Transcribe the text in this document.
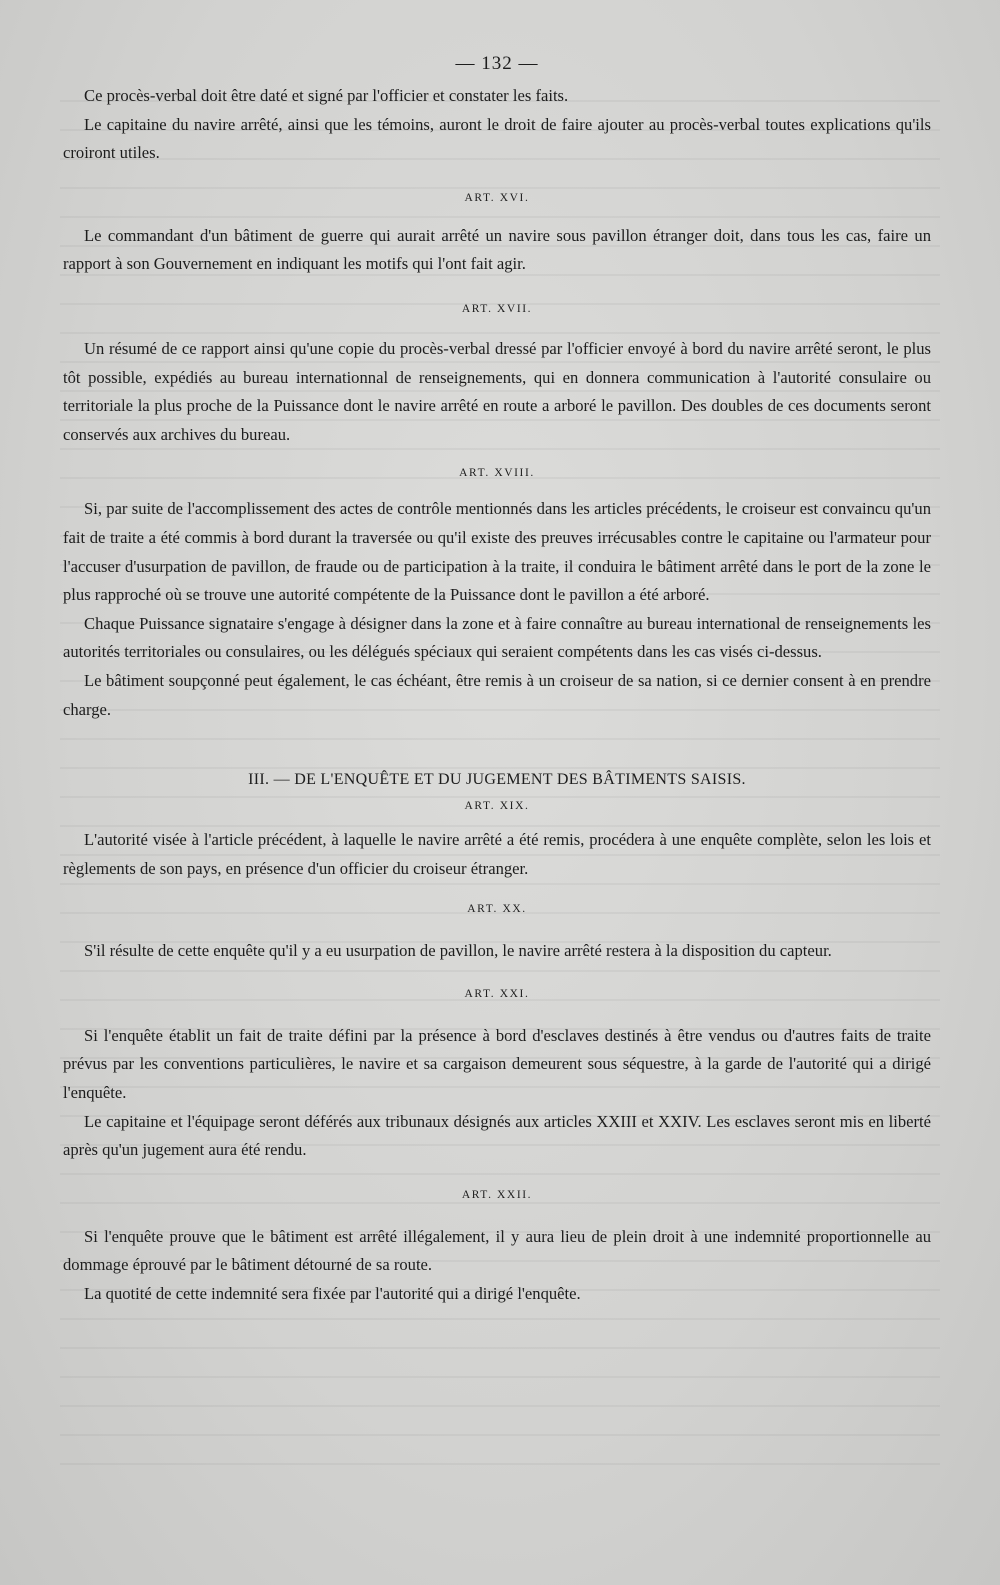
— 132 —

Ce procès-verbal doit être daté et signé par l'officier et constater les faits.

Le capitaine du navire arrêté, ainsi que les témoins, auront le droit de faire ajouter au procès-verbal toutes explications qu'ils croiront utiles.

ART. XVI.

Le commandant d'un bâtiment de guerre qui aurait arrêté un navire sous pavillon étranger doit, dans tous les cas, faire un rapport à son Gouvernement en indiquant les motifs qui l'ont fait agir.

ART. XVII.

Un résumé de ce rapport ainsi qu'une copie du procès-verbal dressé par l'officier envoyé à bord du navire arrêté seront, le plus tôt possible, expédiés au bureau internationnal de renseignements, qui en donnera communication à l'autorité consulaire ou territoriale la plus proche de la Puissance dont le navire arrêté en route a arboré le pavillon. Des doubles de ces documents seront conservés aux archives du bureau.

ART. XVIII.

Si, par suite de l'accomplissement des actes de contrôle mentionnés dans les articles précédents, le croiseur est convaincu qu'un fait de traite a été commis à bord durant la traversée ou qu'il existe des preuves irrécusables contre le capitaine ou l'armateur pour l'accuser d'usurpation de pavillon, de fraude ou de participation à la traite, il conduira le bâtiment arrêté dans le port de la zone le plus rapproché où se trouve une autorité compétente de la Puissance dont le pavillon a été arboré.

Chaque Puissance signataire s'engage à désigner dans la zone et à faire connaître au bureau international de renseignements les autorités territoriales ou consulaires, ou les délégués spéciaux qui seraient compétents dans les cas visés ci-dessus.

Le bâtiment soupçonné peut également, le cas échéant, être remis à un croiseur de sa nation, si ce dernier consent à en prendre charge.

III. — DE L'ENQUÊTE ET DU JUGEMENT DES BÂTIMENTS SAISIS.
ART. XIX.

L'autorité visée à l'article précédent, à laquelle le navire arrêté a été remis, procédera à une enquête complète, selon les lois et règlements de son pays, en présence d'un officier du croiseur étranger.

ART. XX.

S'il résulte de cette enquête qu'il y a eu usurpation de pavillon, le navire arrêté restera à la disposition du capteur.

ART. XXI.

Si l'enquête établit un fait de traite défini par la présence à bord d'esclaves destinés à être vendus ou d'autres faits de traite prévus par les conventions particulières, le navire et sa cargaison demeurent sous séquestre, à la garde de l'autorité qui a dirigé l'enquête.

Le capitaine et l'équipage seront déférés aux tribunaux désignés aux articles XXIII et XXIV. Les esclaves seront mis en liberté après qu'un jugement aura été rendu.

ART. XXII.

Si l'enquête prouve que le bâtiment est arrêté illégalement, il y aura lieu de plein droit à une indemnité proportionnelle au dommage éprouvé par le bâtiment détourné de sa route.

La quotité de cette indemnité sera fixée par l'autorité qui a dirigé l'enquête.
